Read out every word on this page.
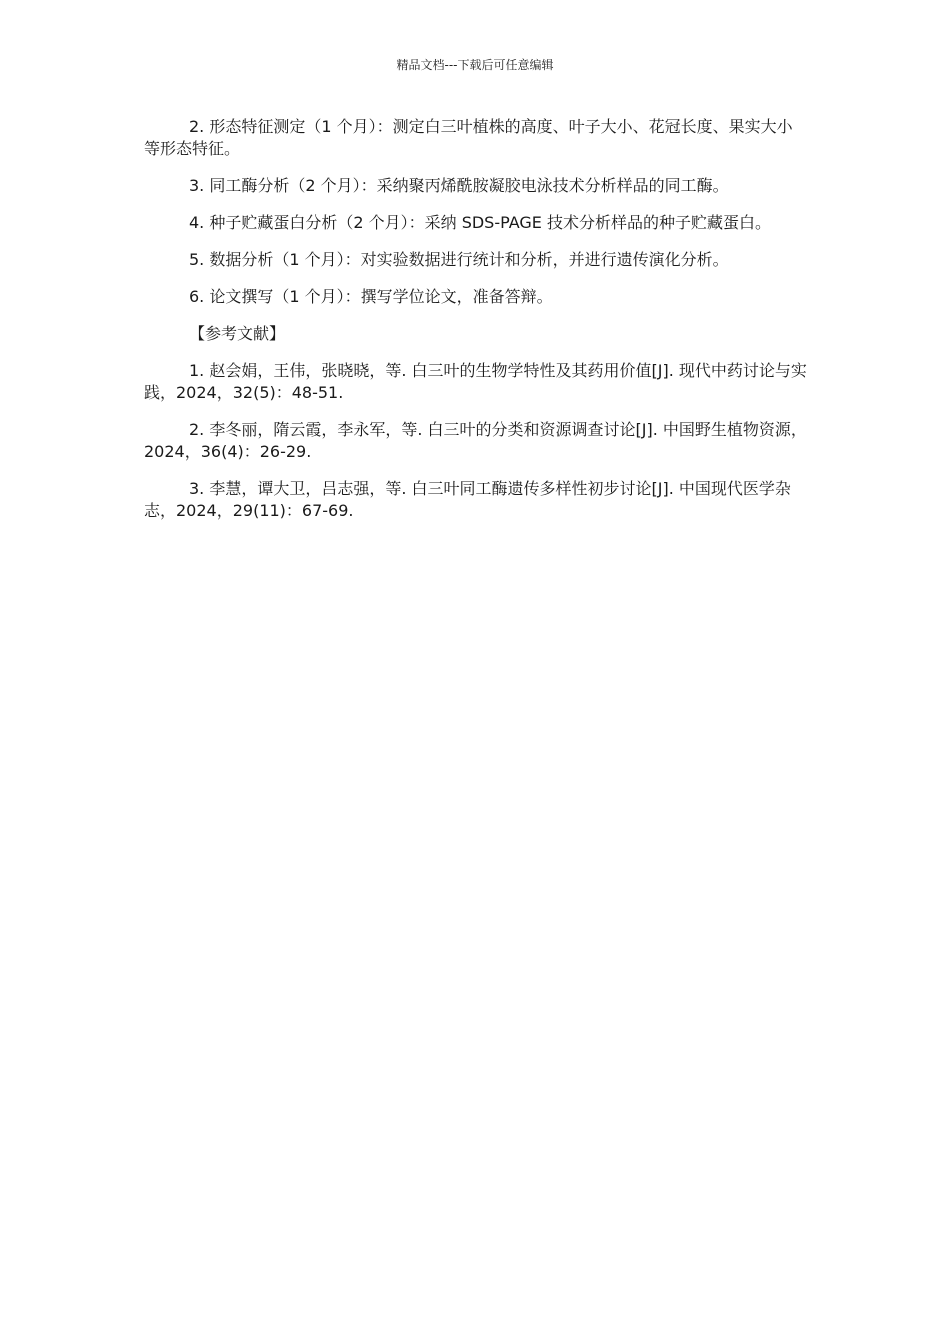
精品文档---下载后可任意编辑

2. 形态特征测定（1 个月）：测定白三叶植株的高度、叶子大小、花冠长度、果实大小等形态特征。

3. 同工酶分析（2 个月）：采纳聚丙烯酰胺凝胶电泳技术分析样品的同工酶。

4. 种子贮藏蛋白分析（2 个月）：采纳 SDS-PAGE 技术分析样品的种子贮藏蛋白。

5. 数据分析（1 个月）：对实验数据进行统计和分析，并进行遗传演化分析。

6. 论文撰写（1 个月）：撰写学位论文，准备答辩。

【参考文献】

1. 赵会娟，王伟，张晓晓，等. 白三叶的生物学特性及其药用价值[J]. 现代中药讨论与实践，2024，32(5)：48-51.

2. 李冬丽，隋云霞，李永军，等. 白三叶的分类和资源调查讨论[J]. 中国野生植物资源，2024，36(4)：26-29.

3. 李慧，谭大卫，吕志强，等. 白三叶同工酶遗传多样性初步讨论[J]. 中国现代医学杂志，2024，29(11)：67-69.
